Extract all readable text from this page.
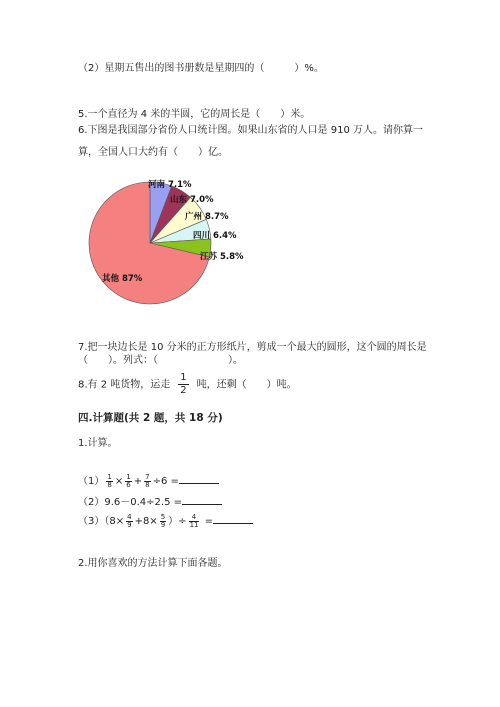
（2）星期五售出的图书册数是星期四的（　　　）%。
5.一个直径为 4 米的半圆，它的周长是（　　）米。
6.下图是我国部分省份人口统计图。如果山东省的人口是 910 万人。请你算一
算，全国人口大约有（　　）亿。
河南 7.1%
山东 7.0%
广州 8.7%
四川 6.4%
江苏 5.8%
其他 87%
7.把一块边长是 10 分米的正方形纸片，剪成一个最大的圆形，这个圆的周长是
（　　）。列式：（　　　　　　　）。
8.有 2 吨货物，运走 $\frac{1}{2}$ 吨，还剩（　　）吨。
四.计算题(共 2 题，共 18 分)
1.计算。
$(1) \frac{1}{8} \times \frac{1}{6} + \frac{7}{8} \div 6$ =
（2）9.6－0.4÷2.5 =
$(3)(8\times \frac{4}{9} +8\times \frac{5}{9}$ ）÷ $\frac{4}{11}$ =
2.用你喜欢的方法计算下面各题。
